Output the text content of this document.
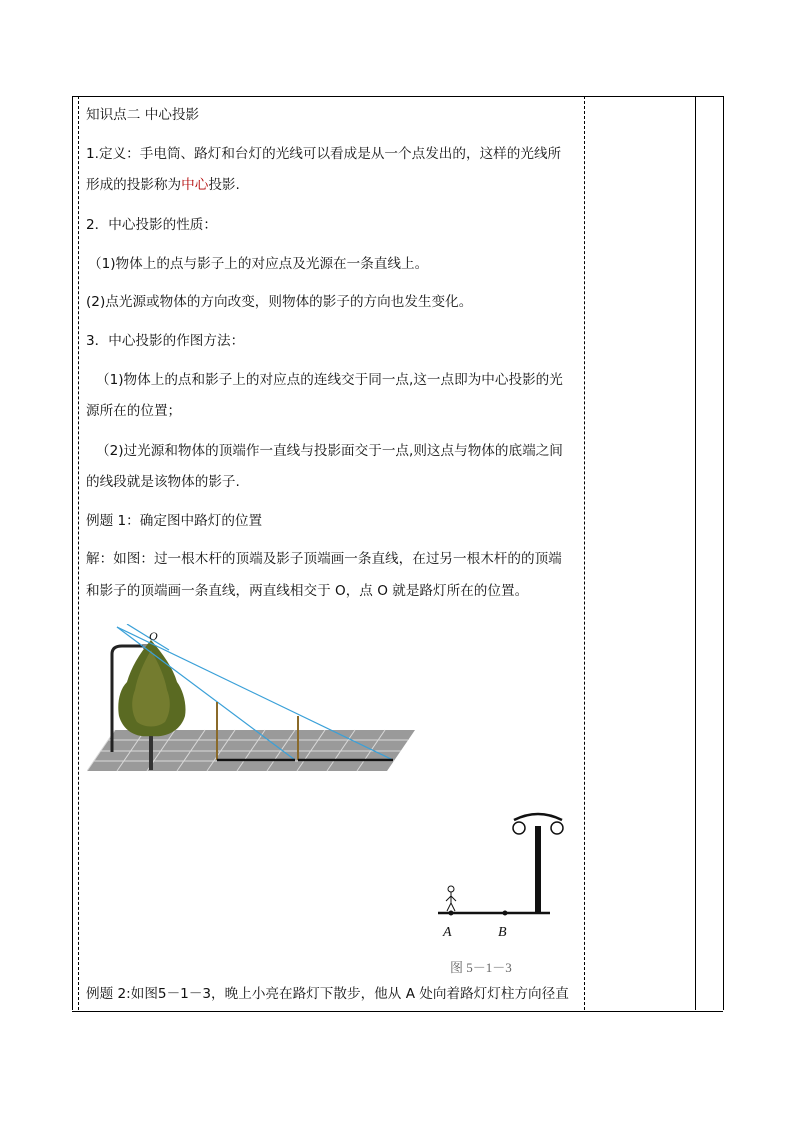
知识点二 中心投影
1.定义：手电筒、路灯和台灯的光线可以看成是从一个点发出的，这样的光线所
形成的投影称为中心投影.
2．中心投影的性质：
（1)物体上的点与影子上的对应点及光源在一条直线上。
(2)点光源或物体的方向改变，则物体的影子的方向也发生变化。
3．中心投影的作图方法：
（1)物体上的点和影子上的对应点的连线交于同一点,这一点即为中心投影的光
源所在的位置；
（2)过光源和物体的顶端作一直线与投影面交于一点,则这点与物体的底端之间
的线段就是该物体的影子.
例题 1：确定图中路灯的位置
解：如图：过一根木杆的顶端及影子顶端画一条直线，在过另一根木杆的的顶端
和影子的顶端画一条直线，两直线相交于 O，点 O 就是路灯所在的位置。
O
A	B
图 5－1－3
例题 2:如图5－1－3，晚上小亮在路灯下散步，他从 A 处向着路灯灯柱方向径直
